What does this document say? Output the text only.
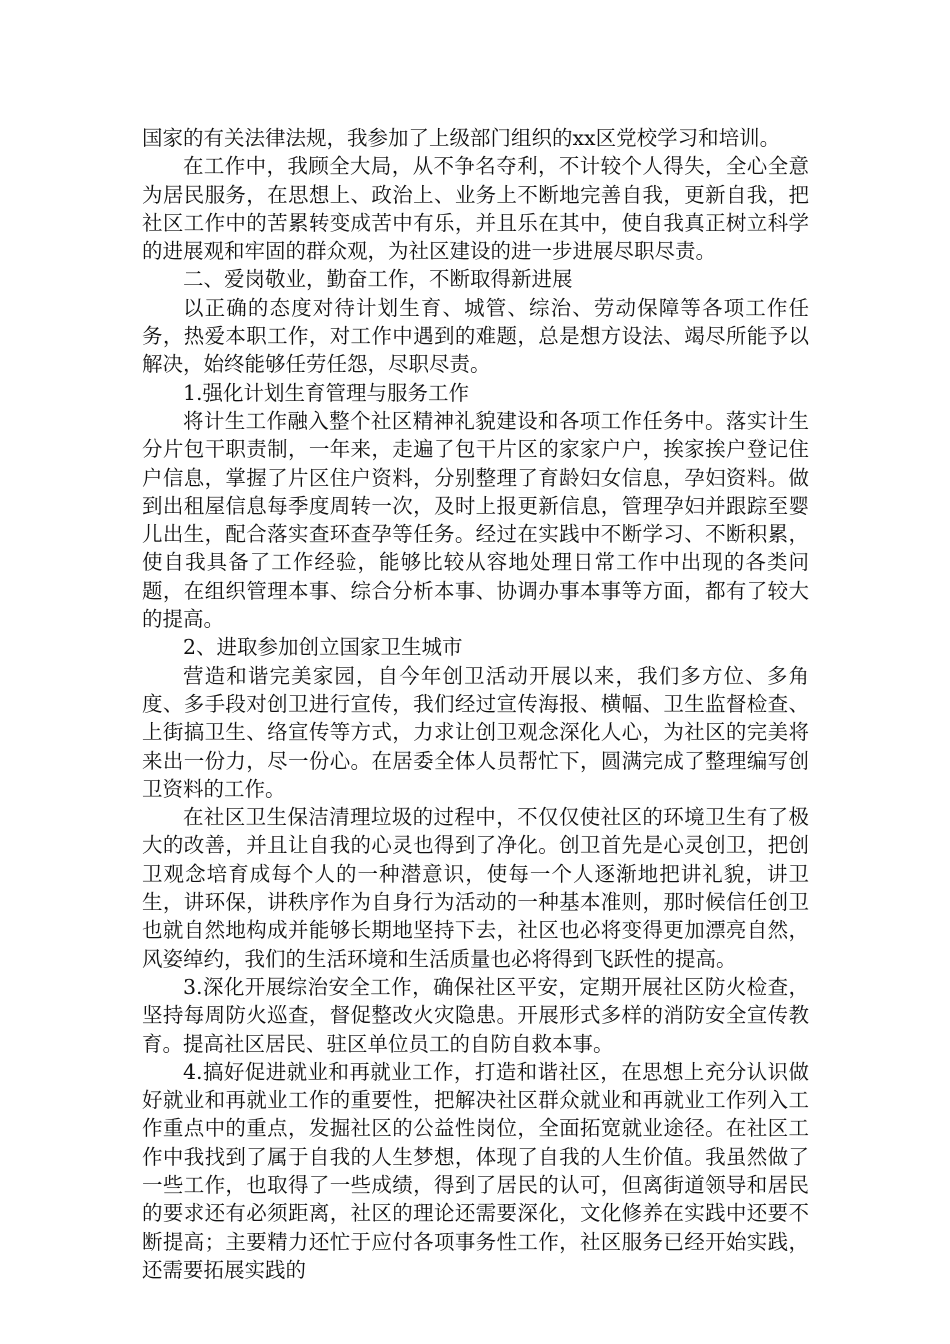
国家的有关法律法规，我参加了上级部门组织的xx区党校学习和培训。

在工作中，我顾全大局，从不争名夺利，不计较个人得失，全心全意为居民服务，在思想上、政治上、业务上不断地完善自我，更新自我，把社区工作中的苦累转变成苦中有乐，并且乐在其中，使自我真正树立科学的进展观和牢固的群众观，为社区建设的进一步进展尽职尽责。

二、爱岗敬业，勤奋工作，不断取得新进展

以正确的态度对待计划生育、城管、综治、劳动保障等各项工作任务，热爱本职工作，对工作中遇到的难题，总是想方设法、竭尽所能予以解决，始终能够任劳任怨，尽职尽责。

1.强化计划生育管理与服务工作

将计生工作融入整个社区精神礼貌建设和各项工作任务中。落实计生分片包干职责制，一年来，走遍了包干片区的家家户户，挨家挨户登记住户信息，掌握了片区住户资料，分别整理了育龄妇女信息，孕妇资料。做到出租屋信息每季度周转一次，及时上报更新信息，管理孕妇并跟踪至婴儿出生，配合落实查环查孕等任务。经过在实践中不断学习、不断积累，使自我具备了工作经验，能够比较从容地处理日常工作中出现的各类问题，在组织管理本事、综合分析本事、协调办事本事等方面，都有了较大的提高。

2、进取参加创立国家卫生城市

营造和谐完美家园，自今年创卫活动开展以来，我们多方位、多角度、多手段对创卫进行宣传，我们经过宣传海报、横幅、卫生监督检查、上街搞卫生、络宣传等方式，力求让创卫观念深化人心，为社区的完美将来出一份力，尽一份心。在居委全体人员帮忙下，圆满完成了整理编写创卫资料的工作。

在社区卫生保洁清理垃圾的过程中，不仅仅使社区的环境卫生有了极大的改善，并且让自我的心灵也得到了净化。创卫首先是心灵创卫，把创卫观念培育成每个人的一种潜意识，使每一个人逐渐地把讲礼貌，讲卫生，讲环保，讲秩序作为自身行为活动的一种基本准则，那时候信任创卫也就自然地构成并能够长期地坚持下去，社区也必将变得更加漂亮自然，风姿绰约，我们的生活环境和生活质量也必将得到飞跃性的提高。

3.深化开展综治安全工作，确保社区平安，定期开展社区防火检查，坚持每周防火巡查，督促整改火灾隐患。开展形式多样的消防安全宣传教育。提高社区居民、驻区单位员工的自防自救本事。

4.搞好促进就业和再就业工作，打造和谐社区，在思想上充分认识做好就业和再就业工作的重要性，把解决社区群众就业和再就业工作列入工作重点中的重点，发掘社区的公益性岗位，全面拓宽就业途径。在社区工作中我找到了属于自我的人生梦想，体现了自我的人生价值。我虽然做了一些工作，也取得了一些成绩，得到了居民的认可，但离街道领导和居民的要求还有必须距离，社区的理论还需要深化，文化修养在实践中还要不断提高；主要精力还忙于应付各项事务性工作，社区服务已经开始实践，还需要拓展实践的
